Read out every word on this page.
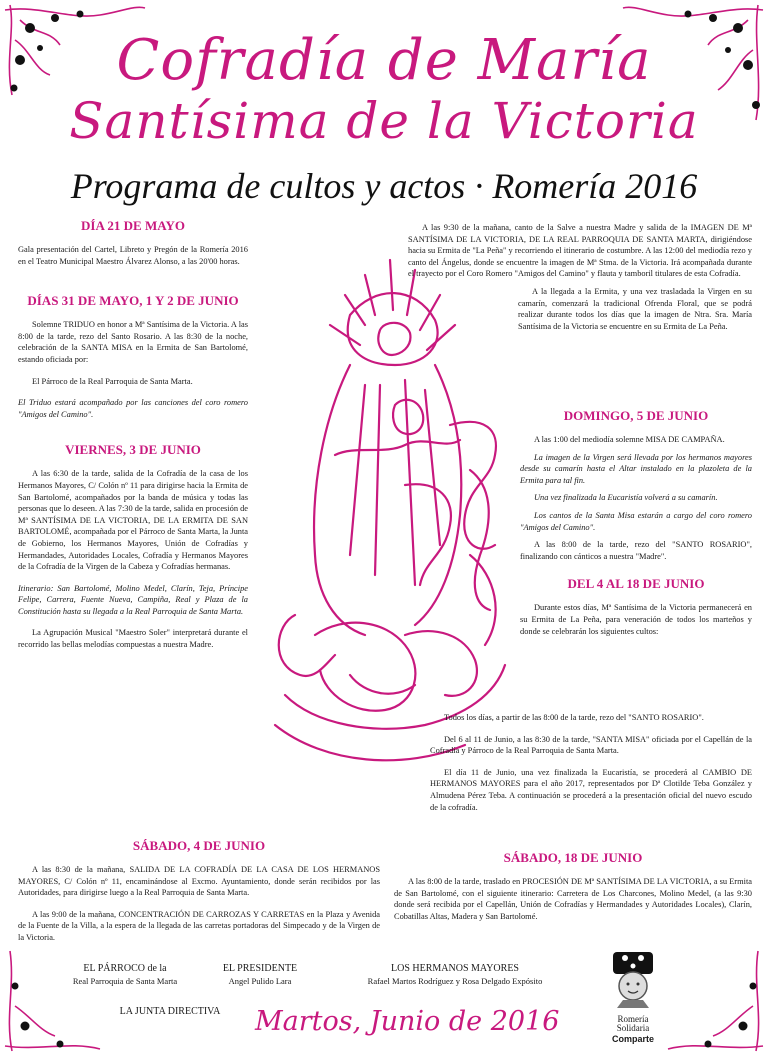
Cofradía de María
Santísima de la Victoria
Programa de cultos y actos · Romería 2016
DÍA 21 DE MAYO

Gala presentación del Cartel, Libreto y Pregón de la Romería 2016 en el Teatro Municipal Maestro Álvarez Alonso, a las 20'00 horas.

DÍAS 31 DE MAYO, 1 Y 2 DE JUNIO

Solemne TRIDUO en honor a Mª Santísima de la Victoria. A las 8:00 de la tarde, rezo del Santo Rosario. A las 8:30 de la noche, celebración de la SANTA MISA en la Ermita de San Bartolomé, estando oficiada por:

El Párroco de la Real Parroquia de Santa Marta.

El Triduo estará acompañado por las canciones del coro romero "Amigos del Camino".

VIERNES, 3 DE JUNIO

A las 6:30 de la tarde, salida de la Cofradía de la casa de los Hermanos Mayores, C/ Colón nº 11 para dirigirse hacia la Ermita de San Bartolomé, acompañados por la banda de música y todas las personas que lo deseen. A las 7:30 de la tarde, salida en procesión de Mª SANTÍSIMA DE LA VICTORIA, DE LA ERMITA DE SAN BARTOLOMÉ, acompañada por el Párroco de Santa Marta, la Junta de Gobierno, los Hermanos Mayores, Unión de Cofradías y Hermandades, Autoridades Locales, Cofradía y Hermanos Mayores de la Cofradía de la Virgen de la Cabeza y Cofradías hermanas.

Itinerario: San Bartolomé, Molino Medel, Clarín, Teja, Príncipe Felipe, Carrera, Fuente Nueva, Campiña, Real y Plaza de la Constitución hasta su llegada a la Real Parroquia de Santa Marta.

La Agrupación Musical "Maestro Soler" interpretará durante el recorrido las bellas melodías compuestas a nuestra Madre.

A las 9:30 de la mañana, canto de la Salve a nuestra Madre y salida de la IMAGEN DE Mª SANTÍSIMA DE LA VICTORIA, DE LA REAL PARROQUIA DE SANTA MARTA, dirigiéndose hacia su Ermita de "La Peña" y recorriendo el itinerario de costumbre. A las 12:00 del mediodía rezo y canto del Ángelus, donde se encuentre la imagen de Mª Stma. de la Victoria. Irá acompañada durante el trayecto por el Coro Romero "Amigos del Camino" y flauta y tamboril titulares de esta Cofradía.

A la llegada a la Ermita, y una vez trasladada la Virgen en su camarín, comenzará la tradicional Ofrenda Floral, que se podrá realizar durante todos los días que la imagen de Ntra. Sra. María Santísima de la Victoria se encuentre en su Ermita de La Peña.

DOMINGO, 5 DE JUNIO

A las 1:00 del mediodía solemne MISA DE CAMPAÑA.

La imagen de la Virgen será llevada por los hermanos mayores desde su camarín hasta el Altar instalado en la plazoleta de la Ermita para tal fin.

Una vez finalizada la Eucaristía volverá a su camarín.

Los cantos de la Santa Misa estarán a cargo del coro romero "Amigos del Camino".

A las 8:00 de la tarde, rezo del "SANTO ROSARIO", finalizando con cánticos a nuestra "Madre".

DEL 4 AL 18 DE JUNIO

Durante estos días, Mª Santísima de la Victoria permanecerá en su Ermita de La Peña, para veneración de todos los marteños y donde se celebrarán los siguientes cultos:

Todos los días, a partir de las 8:00 de la tarde, rezo del "SANTO ROSARIO".

Del 6 al 11 de Junio, a las 8:30 de la tarde, "SANTA MISA" oficiada por el Capellán de la Cofradía y Párroco de la Real Parroquia de Santa Marta.

El día 11 de Junio, una vez finalizada la Eucaristía, se procederá al CAMBIO DE HERMANOS MAYORES para el año 2017, representados por Dª Clotilde Teba González y Almudena Pérez Teba. A continuación se procederá a la presentación oficial del nuevo escudo de la cofradía.

SÁBADO, 4 DE JUNIO

A las 8:30 de la mañana, SALIDA DE LA COFRADÍA DE LA CASA DE LOS HERMANOS MAYORES, C/ Colón nº 11, encaminándose al Excmo. Ayuntamiento, donde serán recibidos por las Autoridades, para dirigirse luego a la Real Parroquia de Santa Marta.

A las 9:00 de la mañana, CONCENTRACIÓN DE CARROZAS Y CARRETAS en la Plaza y Avenida de la Fuente de la Villa, a la espera de la llegada de las carretas portadoras del Simpecado y de la Virgen de la Victoria.

SÁBADO, 18 DE JUNIO

A las 8:00 de la tarde, traslado en PROCESIÓN DE Mª SANTÍSIMA DE LA VICTORIA, a su Ermita de San Bartolomé, con el siguiente itinerario: Carretera de Los Charcones, Molino Medel, (a las 9:30 donde será recibida por el Capellán, Unión de Cofradías y Hermandades y Autoridades Locales), Clarín, Cobatillas Altas, Madera y San Bartolomé.

EL PÁRROCO de la
Real Parroquia de Santa Marta
EL PRESIDENTE
Angel Pulido Lara
LOS HERMANOS MAYORES
Rafael Martos Rodríguez y Rosa Delgado Expósito
LA JUNTA DIRECTIVA	Martos, Junio de 2016	Romería
Solidaria
Comparte
